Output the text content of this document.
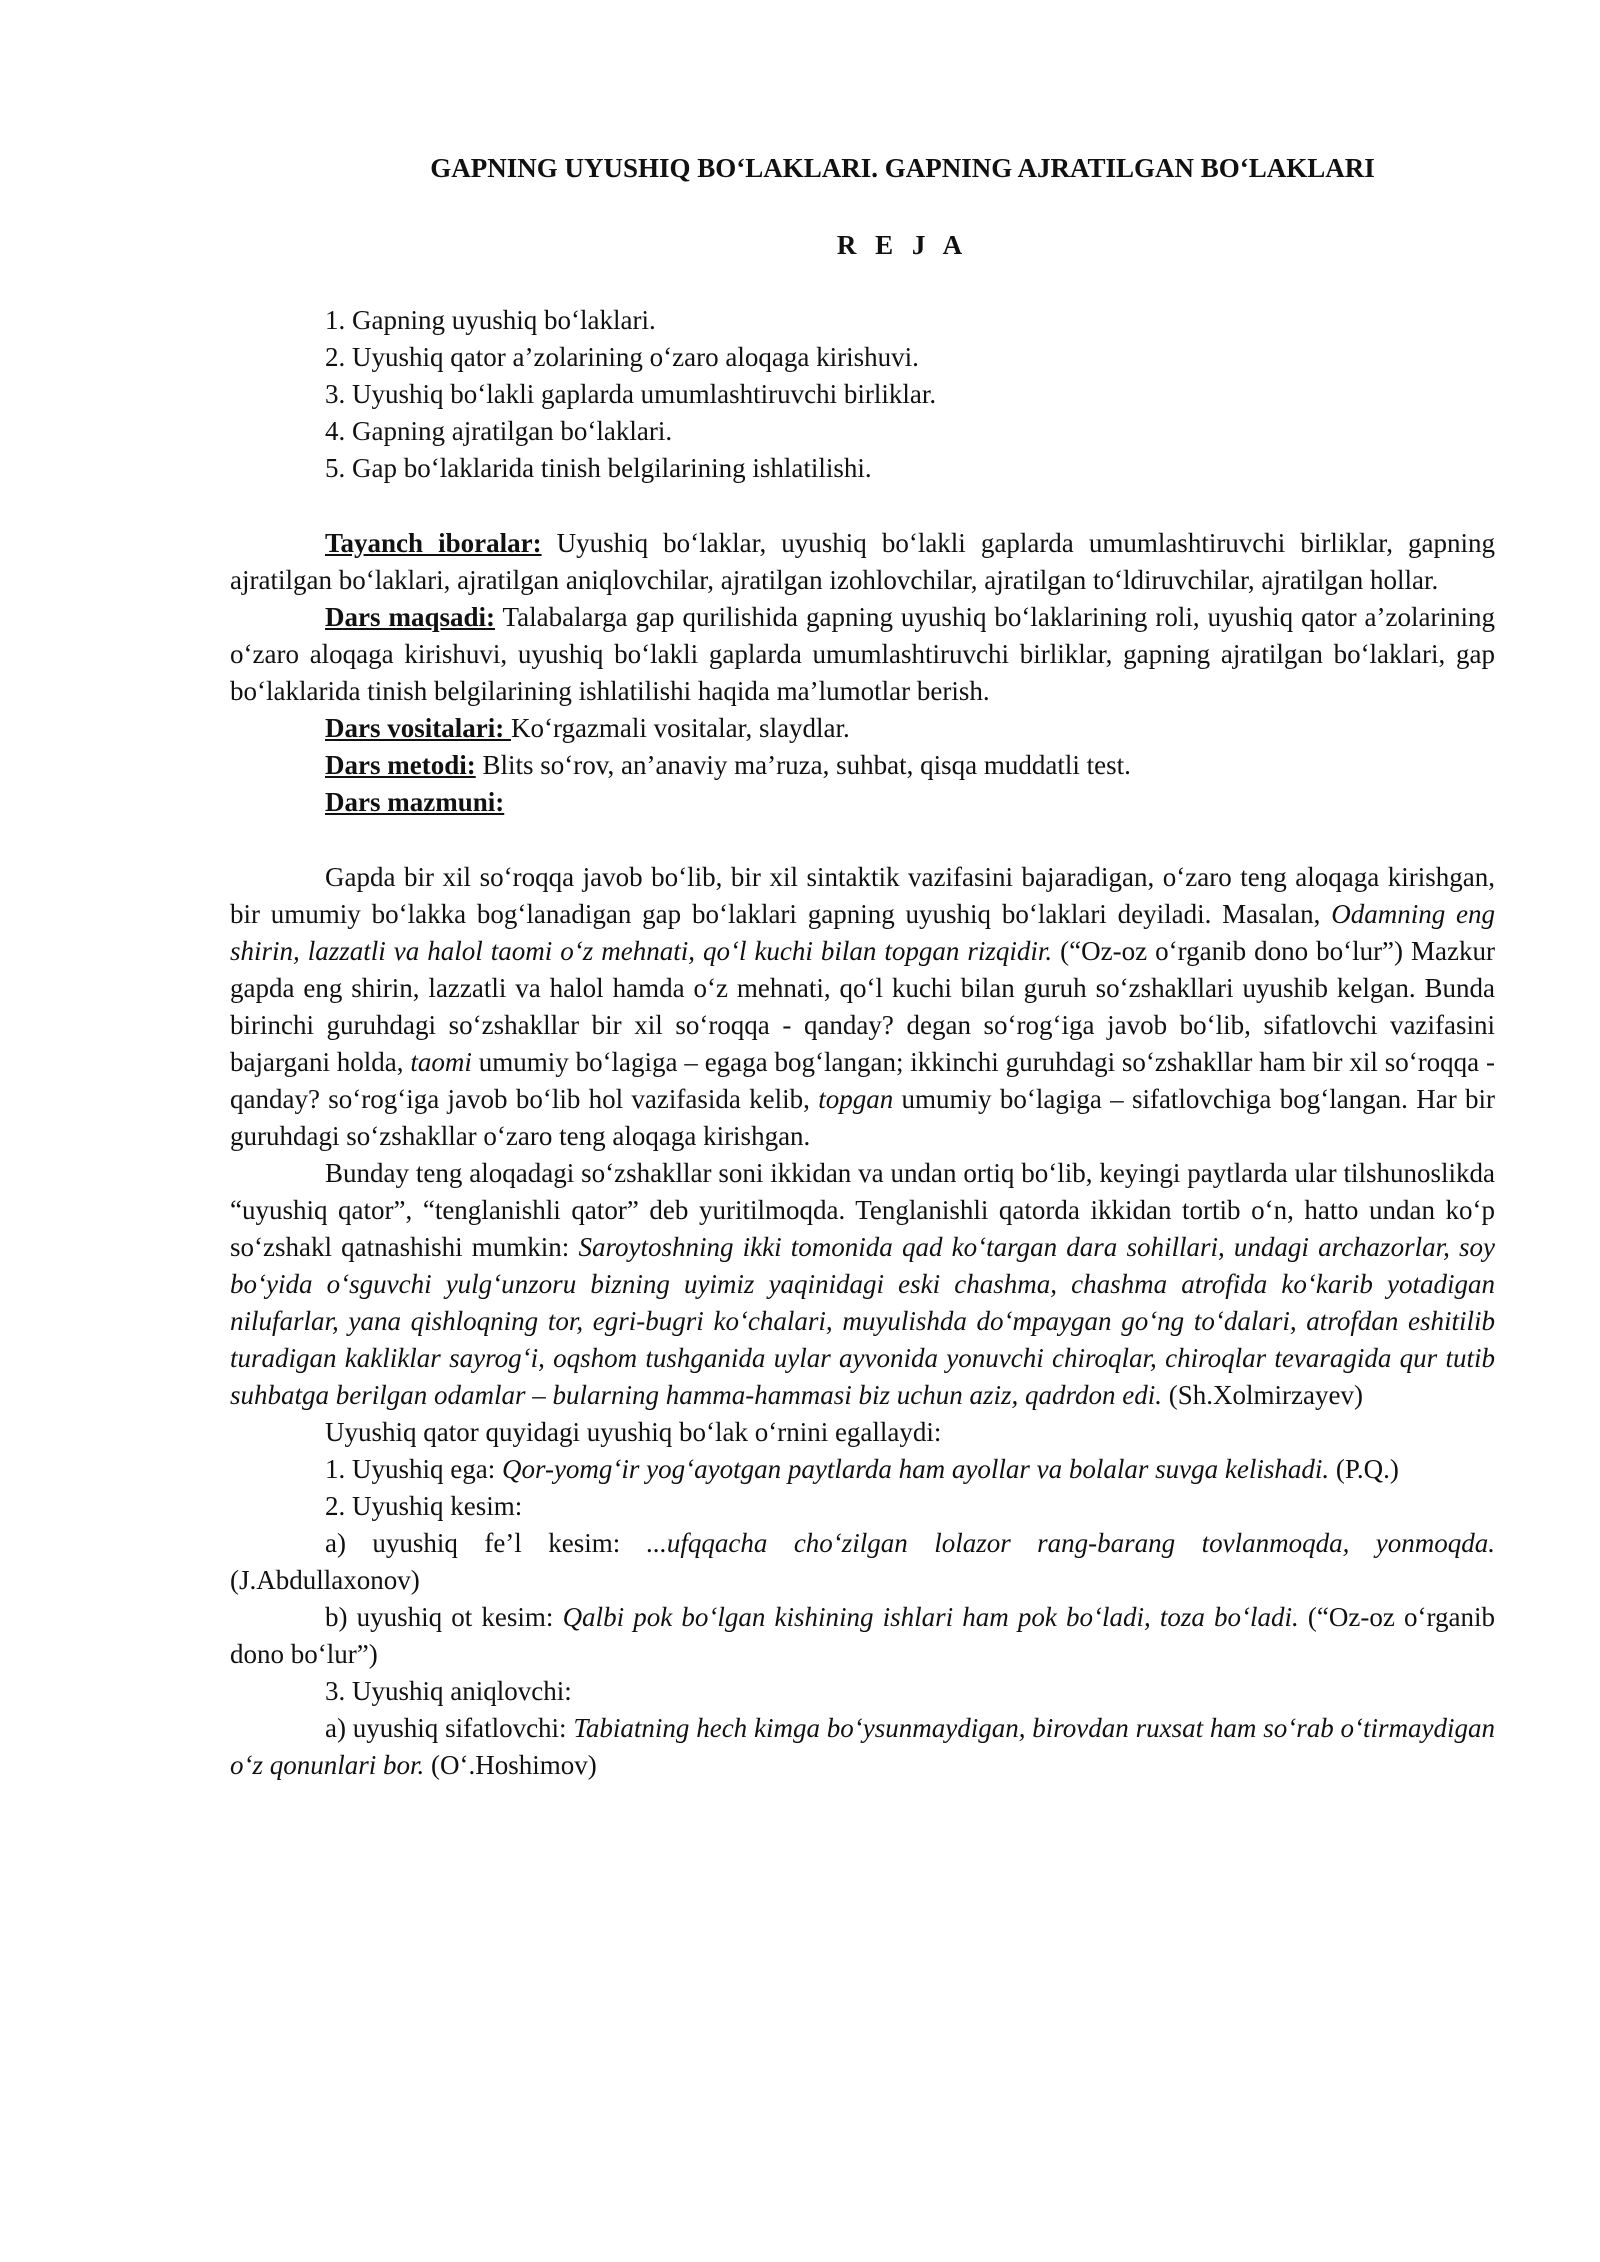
GAPNING UYUSHIQ BO‘LAKLARI. GAPNING AJRATILGAN BO‘LAKLARI

R E J A

1. Gapning uyushiq bo‘laklari.
2. Uyushiq qator a’zolarining o‘zaro aloqaga kirishuvi.
3. Uyushiq bo‘lakli gaplarda umumlashtiruvchi birliklar.
4. Gapning ajratilgan bo‘laklari.
5. Gap bo‘laklarida tinish belgilarining ishlatilishi.

Tayanch iboralar: Uyushiq bo‘laklar, uyushiq bo‘lakli gaplarda umumlashtiruvchi birliklar, gapning ajratilgan bo‘laklari, ajratilgan aniqlovchilar, ajratilgan izohlovchilar, ajratilgan to‘ldiruvchilar, ajratilgan hollar.

Dars maqsadi: Talabalarga gap qurilishida gapning uyushiq bo‘laklarining roli, uyushiq qator a’zolarining o‘zaro aloqaga kirishuvi, uyushiq bo‘lakli gaplarda umumlashtiruvchi birliklar, gapning ajratilgan bo‘laklari, gap bo‘laklarida tinish belgilarining ishlatilishi haqida ma’lumotlar berish.

Dars vositalari: Ko‘rgazmali vositalar, slaydlar.

Dars metodi: Blits so‘rov, an’anaviy ma’ruza, suhbat, qisqa muddatli test.

Dars mazmuni:

Gapda bir xil so‘roqqa javob bo‘lib, bir xil sintaktik vazifasini bajaradigan, o‘zaro teng aloqaga kirishgan, bir umumiy bo‘lakka bog‘lanadigan gap bo‘laklari gapning uyushiq bo‘laklari deyiladi. Masalan, Odamning eng shirin, lazzatli va halol taomi o‘z mehnati, qo‘l kuchi bilan topgan rizqidir. (“Oz-oz o‘rganib dono bo‘lur”) Mazkur gapda eng shirin, lazzatli va halol hamda o‘z mehnati, qo‘l kuchi bilan guruh so‘zshakllari uyushib kelgan. Bunda birinchi guruhdagi so‘zshakllar bir xil so‘roqqa - qanday? degan so‘rog‘iga javob bo‘lib, sifatlovchi vazifasini bajargani holda, taomi umumiy bo‘lagiga – egaga bog‘langan; ikkinchi guruhdagi so‘zshakllar ham bir xil so‘roqqa - qanday? so‘rog‘iga javob bo‘lib hol vazifasida kelib, topgan umumiy bo‘lagiga – sifatlovchiga bog‘langan. Har bir guruhdagi so‘zshakllar o‘zaro teng aloqaga kirishgan.

Bunday teng aloqadagi so‘zshakllar soni ikkidan va undan ortiq bo‘lib, keyingi paytlarda ular tilshunoslikda “uyushiq qator”, “tenglanishli qator” deb yuritilmoqda. Tenglanishli qatorda ikkidan tortib o‘n, hatto undan ko‘p so‘zshakl qatnashishi mumkin: Saroytoshning ikki tomonida qad ko‘targan dara sohillari, undagi archazorlar, soy bo‘yida o‘sguvchi yulg‘unzoru bizning uyimiz yaqinidagi eski chashma, chashma atrofida ko‘karib yotadigan nilufarlar, yana qishloqning tor, egri-bugri ko‘chalari, muyulishda do‘mpaygan go‘ng to‘dalari, atrofdan eshitilib turadigan kakliklar sayrog‘i, oqshom tushganida uylar ayvonida yonuvchi chiroqlar, chiroqlar tevaragida qur tutib suhbatga berilgan odamlar – bularning hamma-hammasi biz uchun aziz, qadrdon edi. (Sh.Xolmirzayev)

Uyushiq qator quyidagi uyushiq bo‘lak o‘rnini egallaydi:

1. Uyushiq ega: Qor-yomg‘ir yog‘ayotgan paytlarda ham ayollar va bolalar suvga kelishadi. (P.Q.)

2. Uyushiq kesim:

a) uyushiq fe’l kesim: ...ufqqacha cho‘zilgan lolazor rang-barang tovlanmoqda, yonmoqda. (J.Abdullaxonov)

b) uyushiq ot kesim: Qalbi pok bo‘lgan kishining ishlari ham pok bo‘ladi, toza bo‘ladi. (“Oz-oz o‘rganib dono bo‘lur”)

3. Uyushiq aniqlovchi:

a) uyushiq sifatlovchi: Tabiatning hech kimga bo‘ysunmaydigan, birovdan ruxsat ham so‘rab o‘tirmaydigan o‘z qonunlari bor. (O‘.Hoshimov)
